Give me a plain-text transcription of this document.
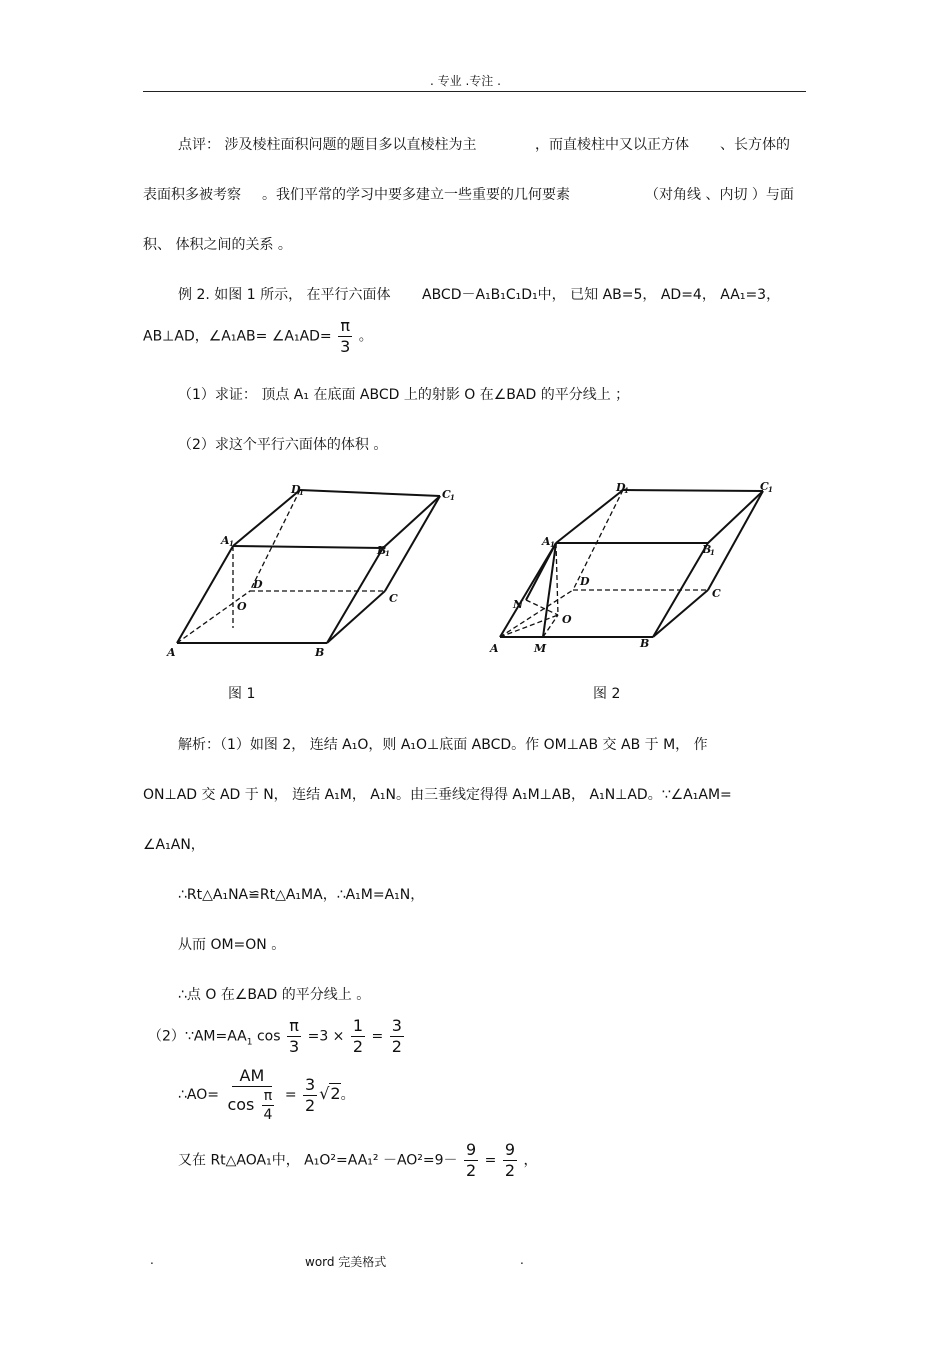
. 专业 .专注 .
点评： 涉及棱柱面积问题的题目多以直棱柱为主	，而直棱柱中又以正方体 、长方体的
表面积多被考察 。我们平常的学习中要多建立一些重要的几何要素	（对角线 、内切 ）与面
积、 体积之间的关系 。
例 2. 如图 1 所示， 在平行六面体 ABCD－A₁B₁C₁D₁中， 已知 AB=5， AD=4， AA₁=3，
AB⊥AD，∠A₁AB= ∠A₁AD= $\frac{\pi}{3}$ 。
（1）求证： 顶点 A₁ 在底面 ABCD 上的射影 O 在∠BAD 的平分线上 ；
（2）求这个平行六面体的体积 。
A	B
C
D
O
A 1
B
1
C 1
D
1
A	M	B
C
D
O
N
A 1	B
1
C 1
D
1
图 1	图 2
解析：（1）如图 2， 连结 A₁O，则 A₁O⊥底面 ABCD。作 OM⊥AB 交 AB 于 M， 作
ON⊥AD 交 AD 于 N， 连结 A₁M， A₁N。由三垂线定得得 A₁M⊥AB， A₁N⊥AD。∵∠A₁AM=
∠A₁AN，
∴Rt△A₁NA≌Rt△A₁MA，∴A₁M=A₁N，
从而 OM=ON 。
∴点 O 在∠BAD 的平分线上 。
$(2)\because AM=AA_1$ $\cos \frac{\pi}{3} =3 \times \frac{1}{2} = \frac{3}{2}$
∴AO= $\frac{AM}{\cos \frac{\pi}{4}} = \frac{3}{2} √2$。
又在 Rt△AOA₁中， $A_1O^2=AA_1^2 -AO^2=9- \frac{9}{2} = \frac{9}{2}$ ，
.	word 完美格式	.
